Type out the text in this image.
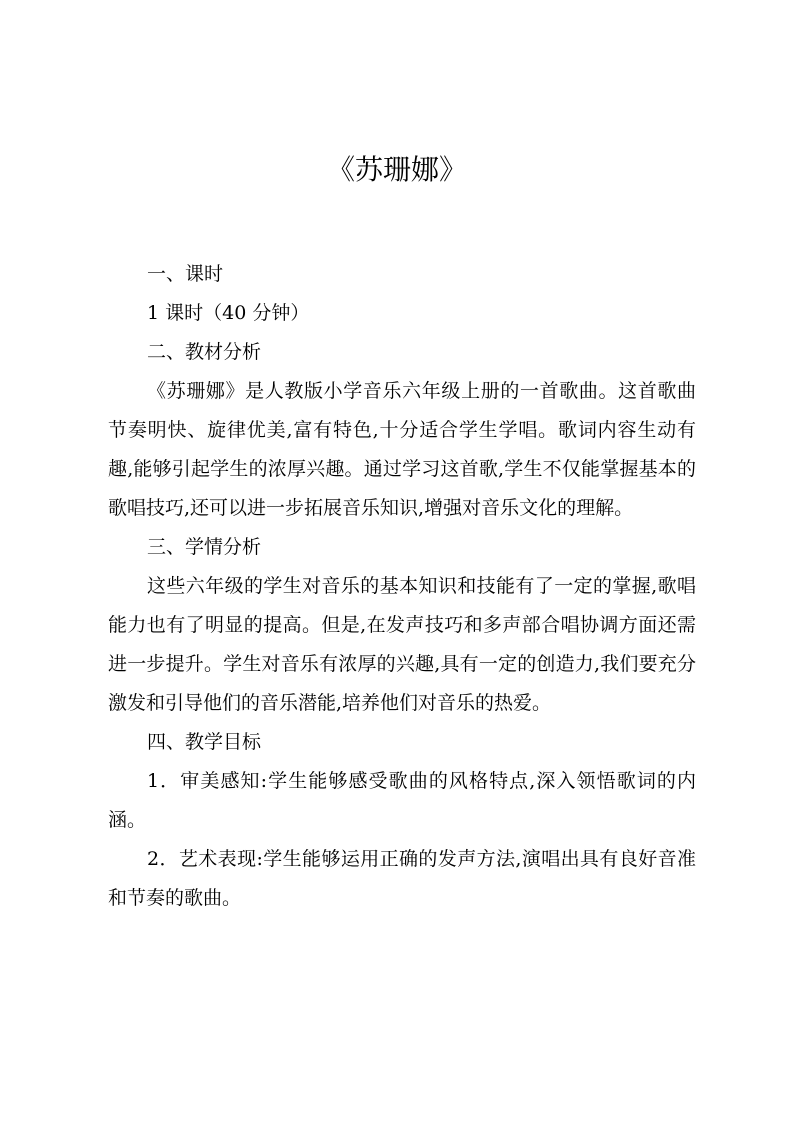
《苏珊娜》
一、课时

1 课时（40 分钟）

二、教材分析

《苏珊娜》是人教版小学音乐六年级上册的一首歌曲。这首歌曲节奏明快、旋律优美,富有特色,十分适合学生学唱。歌词内容生动有趣,能够引起学生的浓厚兴趣。通过学习这首歌,学生不仅能掌握基本的歌唱技巧,还可以进一步拓展音乐知识,增强对音乐文化的理解。

三、学情分析

这些六年级的学生对音乐的基本知识和技能有了一定的掌握,歌唱能力也有了明显的提高。但是,在发声技巧和多声部合唱协调方面还需进一步提升。学生对音乐有浓厚的兴趣,具有一定的创造力,我们要充分激发和引导他们的音乐潜能,培养他们对音乐的热爱。

四、教学目标

1．审美感知:学生能够感受歌曲的风格特点,深入领悟歌词的内涵。

2．艺术表现:学生能够运用正确的发声方法,演唱出具有良好音准和节奏的歌曲。
